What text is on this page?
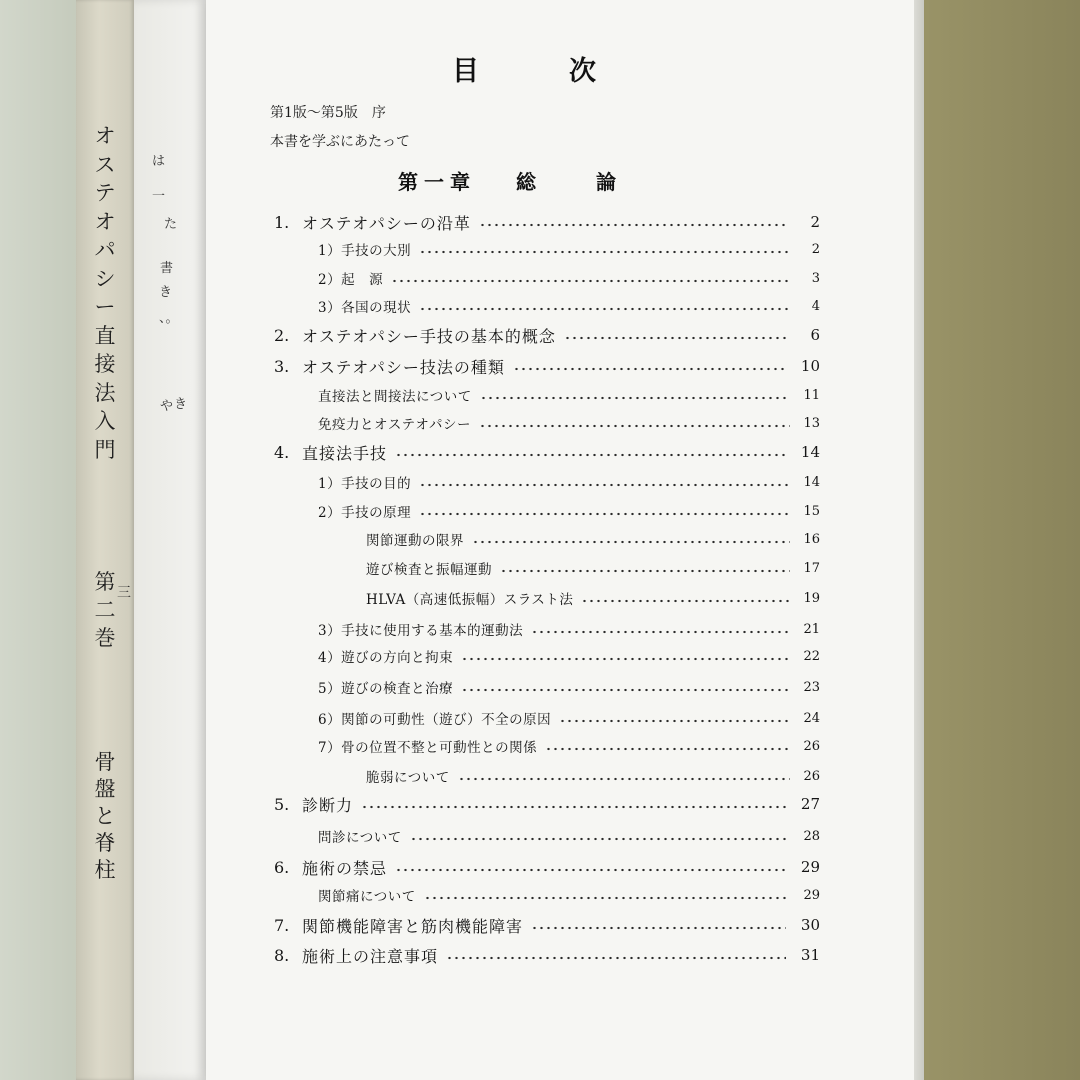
オ
ス
テ
オ
パ
シ
ー
直
接
法
入
門
第
二
巻
骨
盤
と
脊
柱
三
は
一
た
書
き
、。
や き
目次
第1版～第5版　序
本書を学ぶにあたって
第一章 総	論
1. オステオパシーの沿革	2
1）手技の大別	2
2）起　源	3
3）各国の現状	4
2. オステオパシー手技の基本的概念	6
3. オステオパシー技法の種類	10
直接法と間接法について	11
免疫力とオステオパシー	13
4. 直接法手技	14
1）手技の目的	14
2）手技の原理	15
関節運動の限界	16
遊び検査と振幅運動	17
HLVA（高速低振幅）スラスト法	19
3）手技に使用する基本的運動法	21
4）遊びの方向と拘束	22
5）遊びの検査と治療	23
6）関節の可動性（遊び）不全の原因	24
7）骨の位置不整と可動性との関係	26
脆弱について	26
5. 診断力	27
問診について	28
6. 施術の禁忌	29
関節痛について	29
7. 関節機能障害と筋肉機能障害	30
8. 施術上の注意事項	31
